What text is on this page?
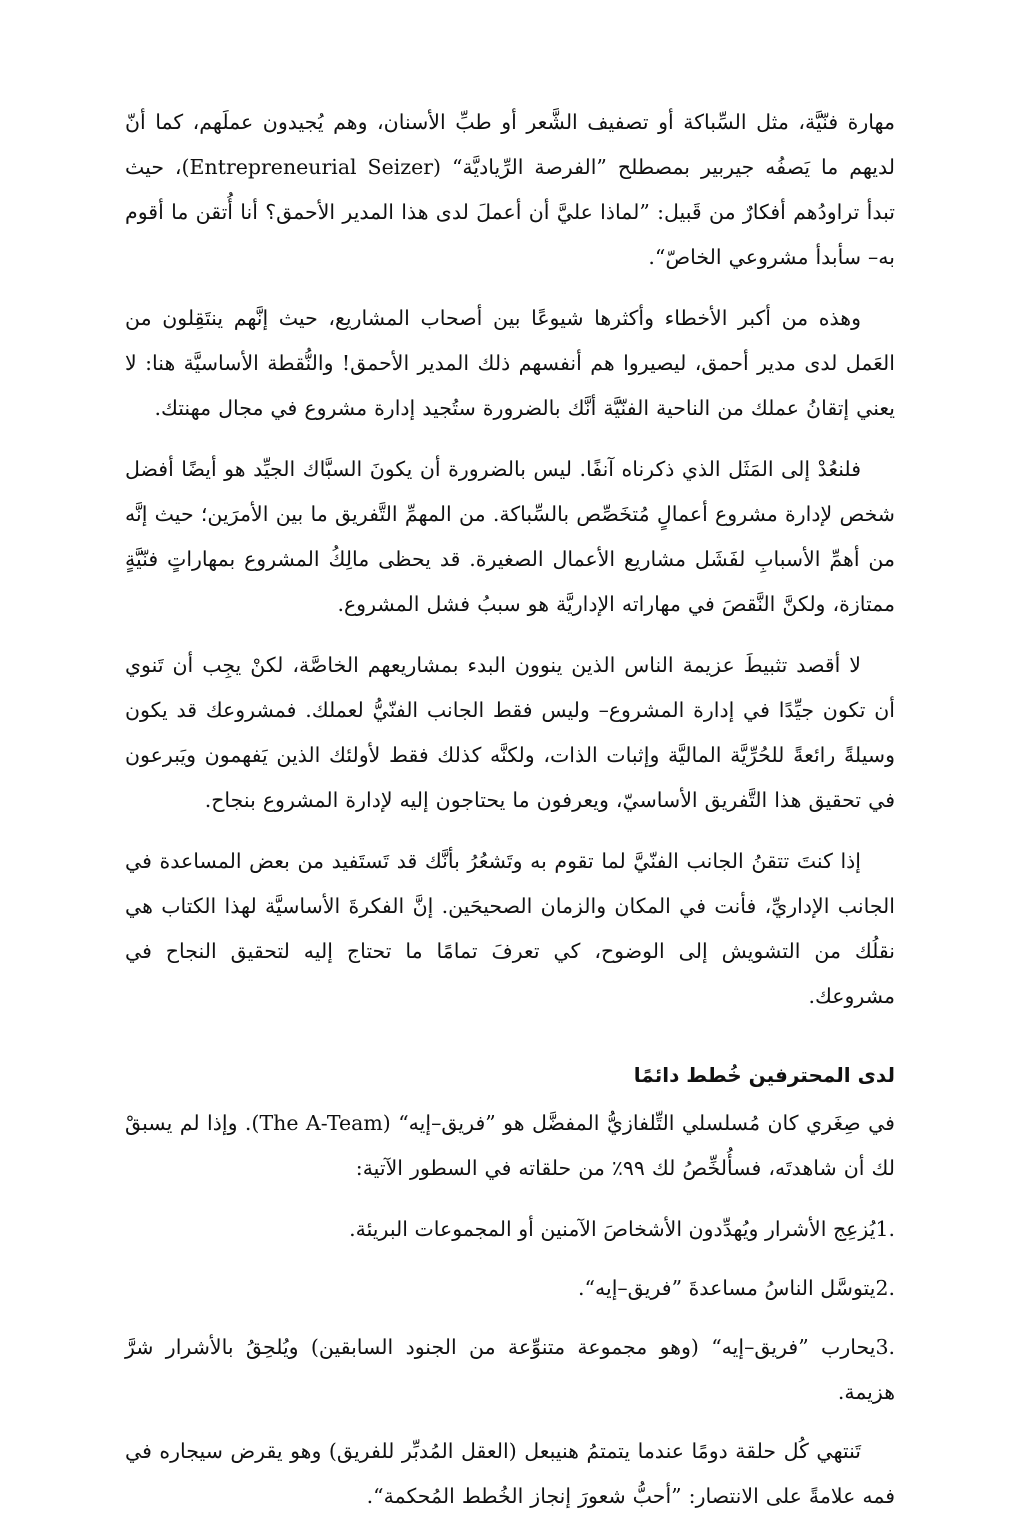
مهارة فنّيَّة، مثل السِّباكة أو تصفيف الشَّعر أو طبِّ الأسنان، وهم يُجيدون عملَهم، كما أنّ لديهم ما يَصفُه جيربير بمصطلح ”الفرصة الرِّياديَّة“ (Entrepreneurial Seizer)، حيث تبدأ تراودُهم أفكارٌ من قَبيل: ”لماذا عليَّ أن أعملَ لدى هذا المدير الأحمق؟ أنا أُتقن ما أقوم به– سأبدأ مشروعي الخاصّ“.

وهذه من أكبر الأخطاء وأكثرها شيوعًا بين أصحاب المشاريع، حيث إنَّهم ينتَقِلون من العَمل لدى مدير أحمق، ليصيروا هم أنفسهم ذلك المدير الأحمق! والنُّقطة الأساسيَّة هنا: لا يعني إتقانُ عملك من الناحية الفنّيَّة أنَّك بالضرورة ستُجيد إدارة مشروع في مجال مهنتك.

فلنعُدْ إلى المَثَل الذي ذكرناه آنفًا. ليس بالضرورة أن يكونَ السبَّاك الجيِّد هو أيضًا أفضل شخص لإدارة مشروع أعمالٍ مُتخَصِّص بالسِّباكة. من المهمِّ التَّفريق ما بين الأمرَين؛ حيث إنَّه من أهمِّ الأسبابِ لفَشَل مشاريع الأعمال الصغيرة. قد يحظى مالِكُ المشروع بمهاراتٍ فنّيَّةٍ ممتازة، ولكنَّ النَّقصَ في مهاراته الإداريَّة هو سببُ فشل المشروع.

لا أقصد تثبيطَ عزيمة الناس الذين ينوون البدء بمشاريعهم الخاصَّة، لكنْ يجِب أن تَنوي أن تكون جيِّدًا في إدارة المشروع– وليس فقط الجانب الفنّيُّ لعملك. فمشروعك قد يكون وسيلةً رائعةً للحُرِّيَّة الماليَّة وإثبات الذات، ولكنَّه كذلك فقط لأولئك الذين يَفهمون ويَبرعون في تحقيق هذا التَّفريق الأساسيّ، ويعرفون ما يحتاجون إليه لإدارة المشروع بنجاح.

إذا كنتَ تتقنُ الجانب الفنّيَّ لما تقوم به وتَشعُرُ بأنَّك قد تَستَفيد من بعض المساعدة في الجانب الإداريِّ، فأنت في المكان والزمان الصحيحَين. إنَّ الفكرةَ الأساسيَّة لهذا الكتاب هي نقلُك من التشويش إلى الوضوح، كي تعرفَ تمامًا ما تحتاج إليه لتحقيق النجاح في مشروعك.

لدى المحترفين خُطط دائمًا

في صِغَري كان مُسلسلي التِّلفازيُّ المفضَّل هو ”فريق–إيه“ (The A-Team). وإذا لم يسبقْ لك أن شاهدتَه، فسأُلخِّصُ لك ٩٩٪ من حلقاته في السطور الآتية:

1.يُزعِج الأشرار ويُهدِّدون الأشخاصَ الآمنين أو المجموعات البريئة.
2.يتوسَّل الناسُ مساعدةَ ”فريق–إيه“.
3.يحارب ”فريق–إيه“ (وهو مجموعة متنوِّعة من الجنود السابقين) ويُلحِقُ بالأشرار شرَّ هزيمة.

تَنتهي كُل حلقة دومًا عندما يتمتمُ هنيبعل (العقل المُدبِّر للفريق) وهو يقرض سيجاره في فمه علامةً على الانتصار: ”أحبُّ شعورَ إنجاز الخُطط المُحكمة“.
